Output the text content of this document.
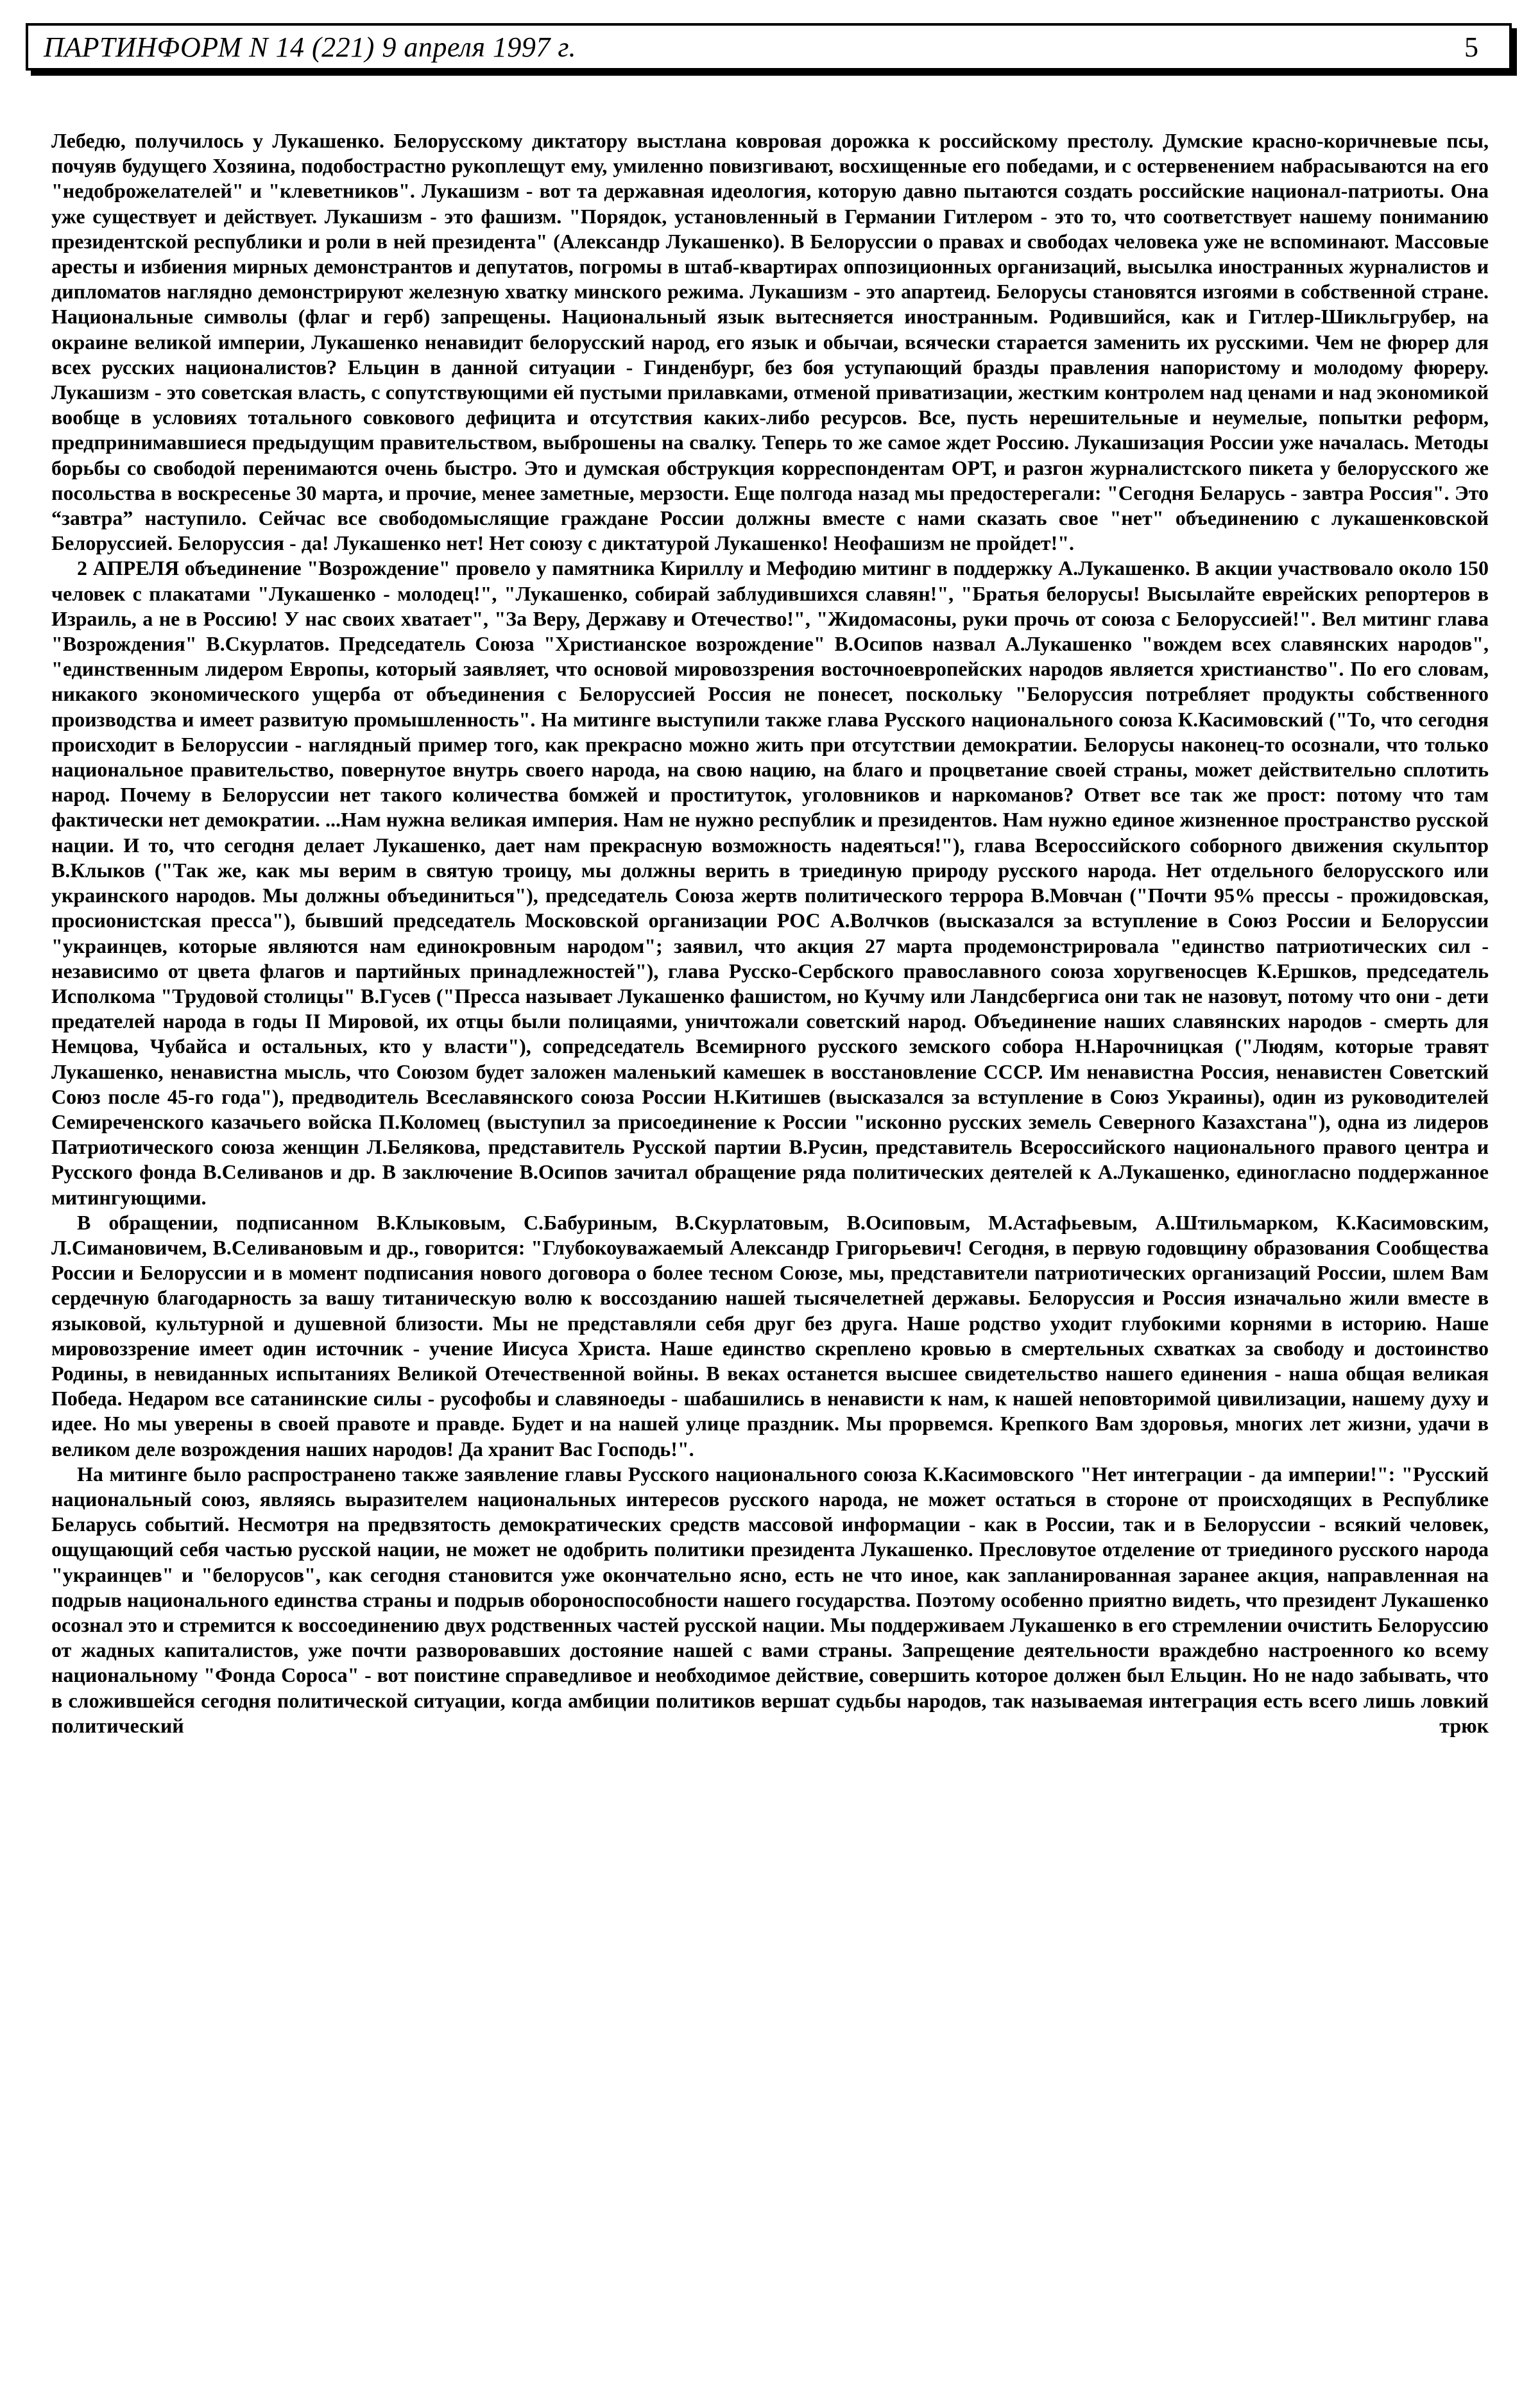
ПАРТИНФОРМ N 14 (221) 9 апреля 1997 г.	5

Лебедю, получилось у Лукашенко. Белорусскому диктатору выстлана ковровая дорожка к российскому престолу. Думские красно-коричневые псы, почуяв будущего Хозяина, подобострастно рукоплещут ему, умиленно повизгивают, восхищенные его победами, и с остервенением набрасываются на его "недоброжелателей" и "клеветников". Лукашизм - вот та державная идеология, которую давно пытаются создать российские национал-патриоты. Она уже существует и действует. Лукашизм - это фашизм. "Порядок, установленный в Германии Гитлером - это то, что соответствует нашему пониманию президентской республики и роли в ней президента" (Александр Лукашенко). В Белоруссии о правах и свободах человека уже не вспоминают. Массовые аресты и избиения мирных демонстрантов и депутатов, погромы в штаб-квартирах оппозиционных организаций, высылка иностранных журналистов и дипломатов наглядно демонстрируют железную хватку минского режима. Лукашизм - это апартеид. Белорусы становятся изгоями в собственной стране. Национальные символы (флаг и герб) запрещены. Национальный язык вытесняется иностранным. Родившийся, как и Гитлер-Шикльгрубер, на окраине великой империи, Лукашенко ненавидит белорусский народ, его язык и обычаи, всячески старается заменить их русскими. Чем не фюрер для всех русских националистов? Ельцин в данной ситуации - Гинденбург, без боя уступающий бразды правления напористому и молодому фюреру. Лукашизм - это советская власть, с сопутствующими ей пустыми прилавками, отменой приватизации, жестким контролем над ценами и над экономикой вообще в условиях тотального совкового дефицита и отсутствия каких-либо ресурсов. Все, пусть нерешительные и неумелые, попытки реформ, предпринимавшиеся предыдущим правительством, выброшены на свалку. Теперь то же самое ждет Россию. Лукашизация России уже началась. Методы борьбы со свободой перенимаются очень быстро. Это и думская обструкция корреспондентам ОРТ, и разгон журналистского пикета у белорусского же посольства в воскресенье 30 марта, и прочие, менее заметные, мерзости. Еще полгода назад мы предостерегали: "Сегодня Беларусь - завтра Россия". Это “завтра” наступило. Сейчас все свободомыслящие граждане России должны вместе с нами сказать свое "нет" объединению с лукашенковской Белоруссией. Белоруссия - да! Лукашенко нет! Нет союзу с диктатурой Лукашенко! Неофашизм не пройдет!".

2 АПРЕЛЯ объединение "Возрождение" провело у памятника Кириллу и Мефодию митинг в поддержку А.Лукашенко. В акции участвовало около 150 человек с плакатами "Лукашенко - молодец!", "Лукашенко, собирай заблудившихся славян!", "Братья белорусы! Высылайте еврейских репортеров в Израиль, а не в Россию! У нас своих хватает", "За Веру, Державу и Отечество!", "Жидомасоны, руки прочь от союза с Белоруссией!". Вел митинг глава "Возрождения" В.Скурлатов. Председатель Союза "Христианское возрождение" В.Осипов назвал А.Лукашенко "вождем всех славянских народов", "единственным лидером Европы, который заявляет, что основой мировоззрения восточноевропейских народов является христианство". По его словам, никакого экономического ущерба от объединения с Белоруссией Россия не понесет, поскольку "Белоруссия потребляет продукты собственного производства и имеет развитую промышленность". На митинге выступили также глава Русского национального союза К.Касимовский ("То, что сегодня происходит в Белоруссии - наглядный пример того, как прекрасно можно жить при отсутствии демократии. Белорусы наконец-то осознали, что только национальное правительство, повернутое внутрь своего народа, на свою нацию, на благо и процветание своей страны, может действительно сплотить народ. Почему в Белоруссии нет такого количества бомжей и проституток, уголовников и наркоманов? Ответ все так же прост: потому что там фактически нет демократии. ...Нам нужна великая империя. Нам не нужно республик и президентов. Нам нужно единое жизненное пространство русской нации. И то, что сегодня делает Лукашенко, дает нам прекрасную возможность надеяться!"), глава Всероссийского соборного движения скульптор В.Клыков ("Так же, как мы верим в святую троицу, мы должны верить в триединую природу русского народа. Нет отдельного белорусского или украинского народов. Мы должны объединиться"), председатель Союза жертв политического террора В.Мовчан ("Почти 95% прессы - прожидовская, просионистская пресса"), бывший председатель Московской организации РОС А.Волчков (высказался за вступление в Союз России и Белоруссии "украинцев, которые являются нам единокровным народом"; заявил, что акция 27 марта продемонстрировала "единство патриотических сил - независимо от цвета флагов и партийных принадлежностей"), глава Русско-Сербского православного союза хоругвеносцев К.Ершков, председатель Исполкома "Трудовой столицы" В.Гусев ("Пресса называет Лукашенко фашистом, но Кучму или Ландсбергиса они так не назовут, потому что они - дети предателей народа в годы II Мировой, их отцы были полицаями, уничтожали советский народ. Объединение наших славянских народов - смерть для Немцова, Чубайса и остальных, кто у власти"), сопредседатель Всемирного русского земского собора Н.Нарочницкая ("Людям, которые травят Лукашенко, ненавистна мысль, что Союзом будет заложен маленький камешек в восстановление СССР. Им ненавистна Россия, ненавистен Советский Союз после 45-го года"), предводитель Всеславянского союза России Н.Китишев (высказался за вступление в Союз Украины), один из руководителей Семиреченского казачьего войска П.Коломец (выступил за присоединение к России "исконно русских земель Северного Казахстана"), одна из лидеров Патриотического союза женщин Л.Белякова, представитель Русской партии В.Русин, представитель Всероссийского национального правого центра и Русского фонда В.Селиванов и др. В заключение В.Осипов зачитал обращение ряда политических деятелей к А.Лукашенко, единогласно поддержанное митингующими.

В обращении, подписанном В.Клыковым, С.Бабуриным, В.Скурлатовым, В.Осиповым, М.Астафьевым, А.Штильмарком, К.Касимовским, Л.Симановичем, В.Селивановым и др., говорится: "Глубокоуважаемый Александр Григорьевич! Сегодня, в первую годовщину образования Сообщества России и Белоруссии и в момент подписания нового договора о более тесном Союзе, мы, представители патриотических организаций России, шлем Вам сердечную благодарность за вашу титаническую волю к воссозданию нашей тысячелетней державы. Белоруссия и Россия изначально жили вместе в языковой, культурной и душевной близости. Мы не представляли себя друг без друга. Наше родство уходит глубокими корнями в историю. Наше мировоззрение имеет один источник - учение Иисуса Христа. Наше единство скреплено кровью в смертельных схватках за свободу и достоинство Родины, в невиданных испытаниях Великой Отечественной войны. В веках останется высшее свидетельство нашего единения - наша общая великая Победа. Недаром все сатанинские силы - русофобы и славяноеды - шабашились в ненависти к нам, к нашей неповторимой цивилизации, нашему духу и идее. Но мы уверены в своей правоте и правде. Будет и на нашей улице праздник. Мы прорвемся. Крепкого Вам здоровья, многих лет жизни, удачи в великом деле возрождения наших народов! Да хранит Вас Господь!".

На митинге было распространено также заявление главы Русского национального союза К.Касимовского "Нет интеграции - да империи!": "Русский национальный союз, являясь выразителем национальных интересов русского народа, не может остаться в стороне от происходящих в Республике Беларусь событий. Несмотря на предвзятость демократических средств массовой информации - как в России, так и в Белоруссии - всякий человек, ощущающий себя частью русской нации, не может не одобрить политики президента Лукашенко. Пресловутое отделение от триединого русского народа "украинцев" и "белорусов", как сегодня становится уже окончательно ясно, есть не что иное, как запланированная заранее акция, направленная на подрыв национального единства страны и подрыв обороноспособности нашего государства. Поэтому особенно приятно видеть, что президент Лукашенко осознал это и стремится к воссоединению двух родственных частей русской нации. Мы поддерживаем Лукашенко в его стремлении очистить Белоруссию от жадных капиталистов, уже почти разворовавших достояние нашей с вами страны. Запрещение деятельности враждебно настроенного ко всему национальному "Фонда Сороса" - вот поистине справедливое и необходимое действие, совершить которое должен был Ельцин. Но не надо забывать, что в сложившейся сегодня политической ситуации, когда амбиции политиков вершат судьбы народов, так называемая интеграция есть всего лишь ловкий политический трюк
